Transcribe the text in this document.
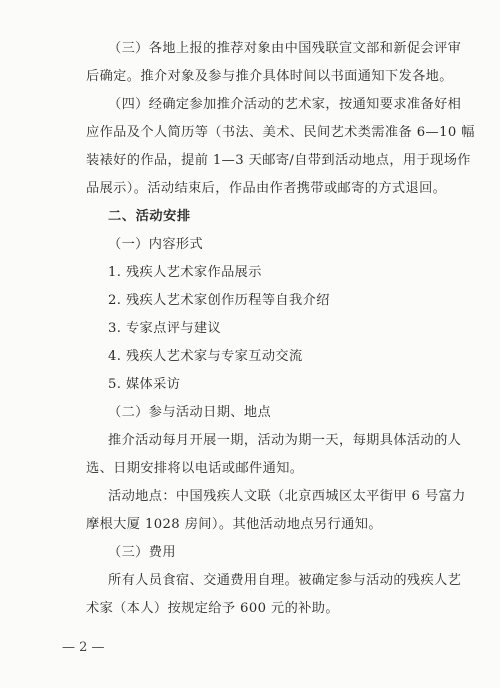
（三）各地上报的推荐对象由中国残联宣文部和新促会评审
后确定。推介对象及参与推介具体时间以书面通知下发各地。
（四）经确定参加推介活动的艺术家，按通知要求准备好相
应作品及个人简历等（书法、美术、民间艺术类需准备 6—10 幅
装裱好的作品，提前 1—3 天邮寄/自带到活动地点，用于现场作
品展示）。活动结束后，作品由作者携带或邮寄的方式退回。
二、活动安排
（一）内容形式
1. 残疾人艺术家作品展示
2. 残疾人艺术家创作历程等自我介绍
3. 专家点评与建议
4. 残疾人艺术家与专家互动交流
5. 媒体采访
（二）参与活动日期、地点
推介活动每月开展一期，活动为期一天，每期具体活动的人
选、日期安排将以电话或邮件通知。
活动地点：中国残疾人文联（北京西城区太平街甲 6 号富力
摩根大厦 1028 房间）。其他活动地点另行通知。
（三）费用
所有人员食宿、交通费用自理。被确定参与活动的残疾人艺
术家（本人）按规定给予 600 元的补助。
— 2 —
